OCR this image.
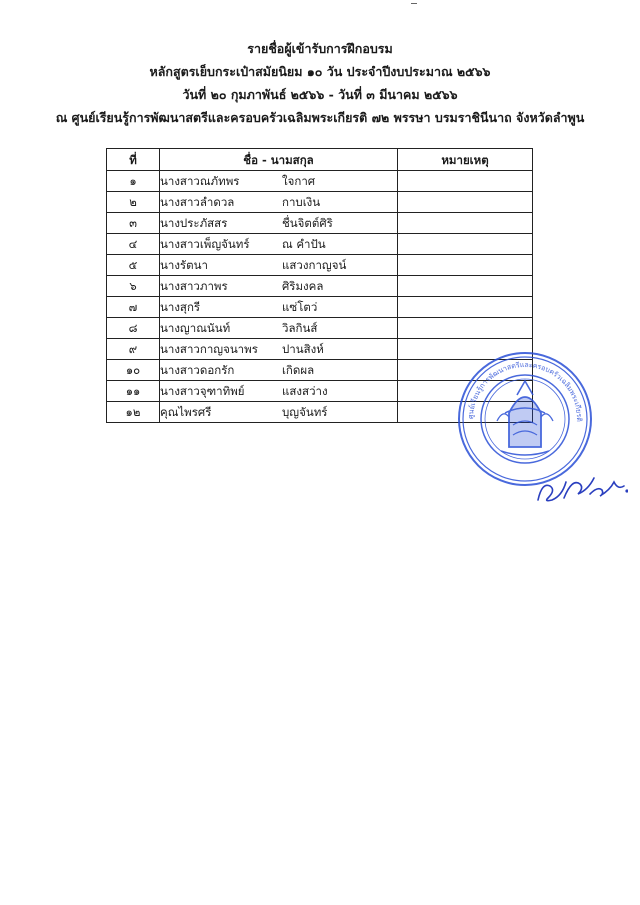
รายชื่อผู้เข้ารับการฝึกอบรม
หลักสูตรเย็บกระเป๋าสมัยนิยม ๑๐ วัน ประจำปีงบประมาณ ๒๕๖๖
วันที่ ๒๐ กุมภาพันธ์ ๒๕๖๖ - วันที่ ๓ มีนาคม ๒๕๖๖
ณ ศูนย์เรียนรู้การพัฒนาสตรีและครอบครัวเฉลิมพระเกียรติ ๗๒ พรรษา บรมราชินีนาถ จังหวัดลำพูน
ที่	ชื่อ - นามสกุล	หมายเหตุ
๑	นางสาวณภัทพร ใจกาศ	
๒	นางสาวลำดวล กาบเงิน	
๓	นางประภัสสร ชื่นจิตต์ศิริ	
๔	นางสาวเพ็ญจันทร์ ณ คำปัน	
๕	นางรัตนา แสวงกาญจน์	
๖	นางสาวภาพร ศิริมงคล	
๗	นางสุกรี แซ่โตว่	
๘	นางญาณนันท์ วิลกินส์	
๙	นางสาวกาญจนาพร ปานสิงห์	
๑๐	นางสาวดอกรัก เกิดผล	
๑๑	นางสาวจุฑาทิพย์ แสงสว่าง	
๑๒	คุณไพรศรี บุญจันทร์		ศูนย์เรียนรู้การพัฒนาสตรีและครอบครัวเฉลิมพระเกียรติ
